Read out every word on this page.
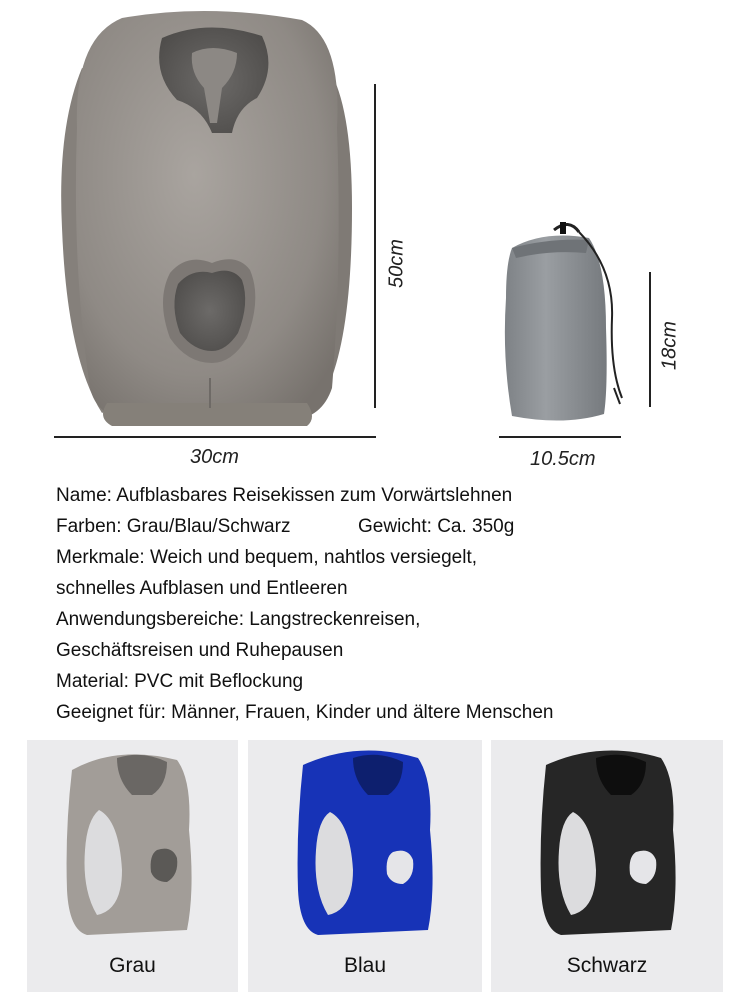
50cm
30cm
18cm
10.5cm
Name: Aufblasbares Reisekissen zum Vorwärtslehnen
Farben: Grau/Blau/Schwarz	Gewicht: Ca. 350g
Merkmale: Weich und bequem, nahtlos versiegelt,
schnelles Aufblasen und Entleeren
Anwendungsbereiche: Langstreckenreisen,
Geschäftsreisen und Ruhepausen
Material: PVC mit Beflockung
Geeignet für: Männer, Frauen, Kinder und ältere Menschen
Grau	Blau	Schwarz
